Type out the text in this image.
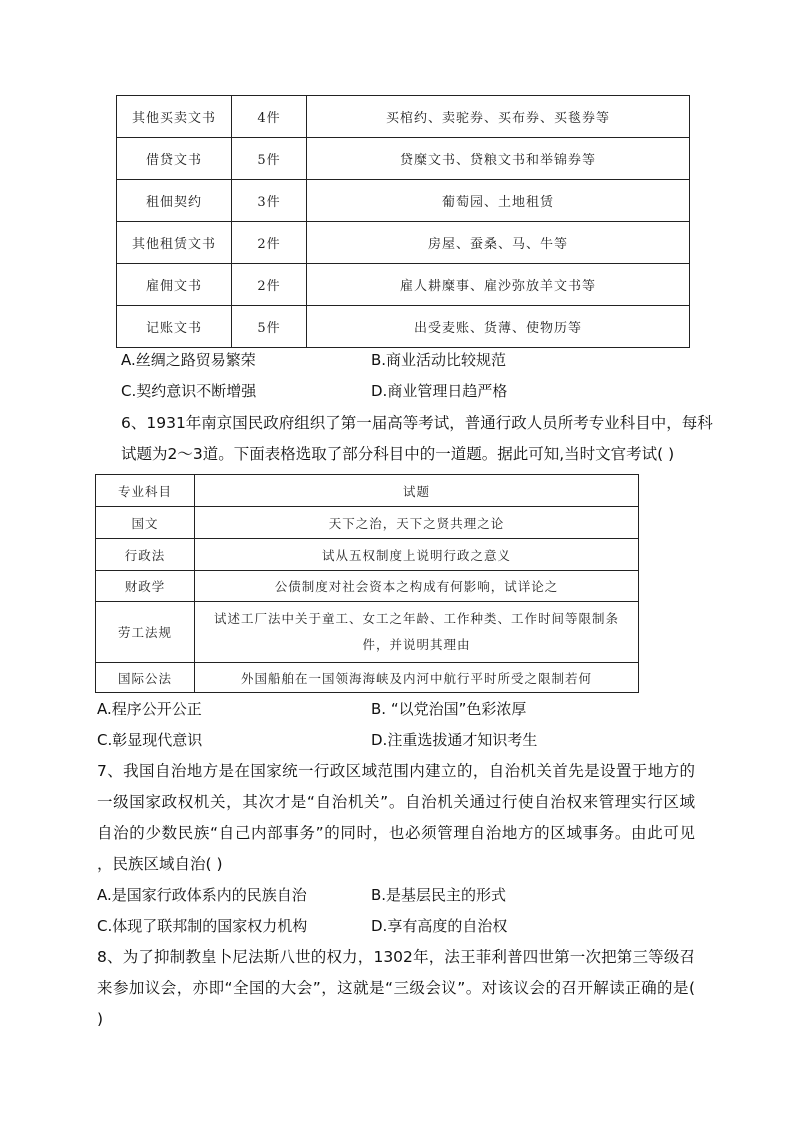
其他买卖文书	4件	买棺约、卖驼券、买布券、买毯券等
借贷文书	5件	贷糜文书、贷粮文书和举锦券等
租佃契约	3件	葡萄园、土地租赁
其他租赁文书	2件	房屋、蚕桑、马、牛等
雇佣文书	2件	雇人耕糜事、雇沙弥放羊文书等
记账文书	5件	出受麦账、货薄、使物历等
A.丝绸之路贸易繁荣	B.商业活动比较规范
C.契约意识不断增强	D.商业管理日趋严格
6、1931年南京国民政府组织了第一届高等考试，普通行政人员所考专业科目中，每科
试题为2～3道。下面表格选取了部分科目中的一道题。据此可知,当时文官考试( )
专业科目	试题
国文	天下之治，天下之贤共理之论
行政法	试从五权制度上说明行政之意义
财政学	公债制度对社会资本之构成有何影响，试详论之
劳工法规	试述工厂法中关于童工、女工之年龄、工作种类、工作时间等限制条件，并说明其理由

国际公法	外国船舶在一国领海海峡及内河中航行平时所受之限制若何
A.程序公开公正	B. “以党治国”色彩浓厚
C.彰显现代意识	D.注重选拔通才知识考生
7、我国自治地方是在国家统一行政区域范围内建立的，自治机关首先是设置于地方的
一级国家政权机关，其次才是“自治机关”。自治机关通过行使自治权来管理实行区域
自治的少数民族“自己内部事务”的同时，也必须管理自治地方的区域事务。由此可见
，民族区域自治( )
A.是国家行政体系内的民族自治	B.是基层民主的形式
C.体现了联邦制的国家权力机构	D.享有高度的自治权
8、为了抑制教皇卜尼法斯八世的权力，1302年，法王菲利普四世第一次把第三等级召
来参加议会，亦即“全国的大会”，这就是“三级会议”。对该议会的召开解读正确的是(
)
